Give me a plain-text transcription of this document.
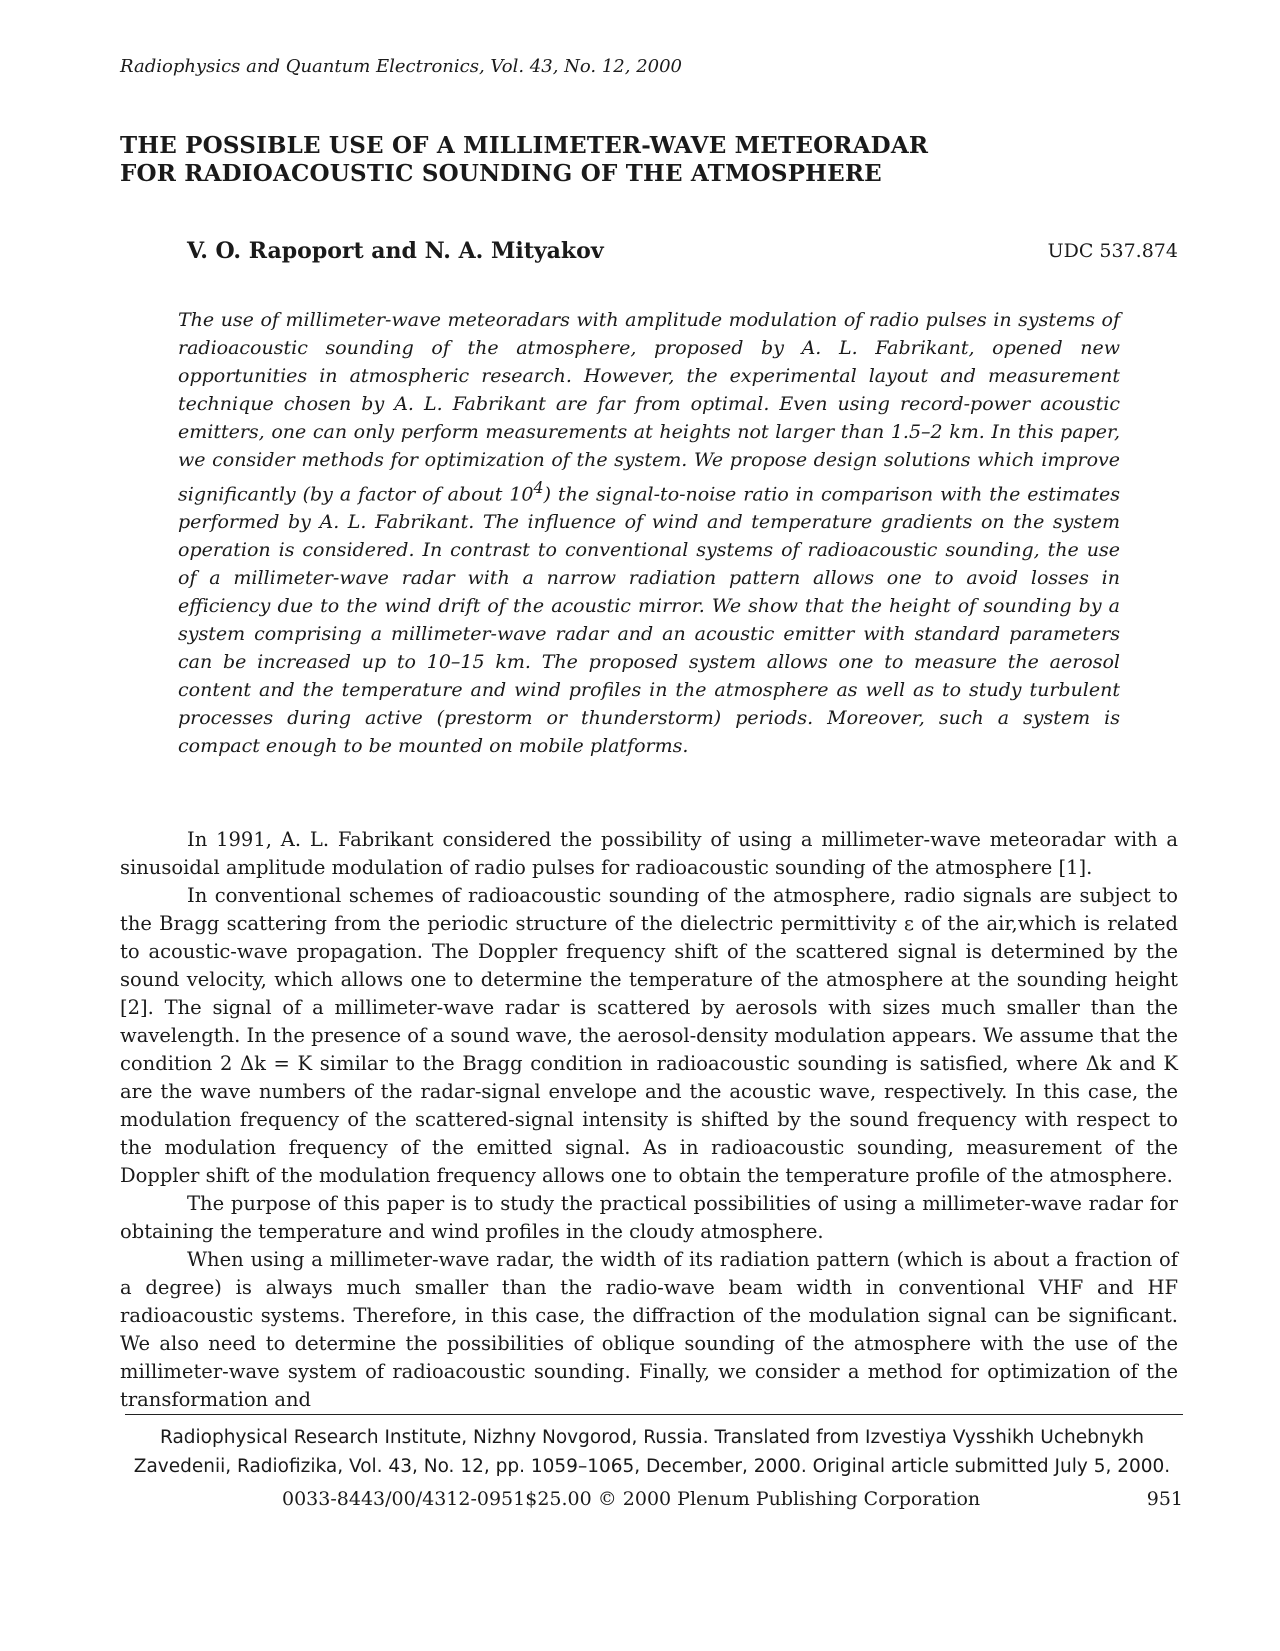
Radiophysics and Quantum Electronics, Vol. 43, No. 12, 2000
THE POSSIBLE USE OF A MILLIMETER-WAVE METEORADAR
FOR RADIOACOUSTIC SOUNDING OF THE ATMOSPHERE
V. O. Rapoport and N. A. Mityakov	UDC 537.874
The use of millimeter-wave meteoradars with amplitude modulation of radio pulses in systems of radioacoustic sounding of the atmosphere, proposed by A. L. Fabrikant, opened new opportunities in atmospheric research. However, the experimental layout and measurement technique chosen by A. L. Fabrikant are far from optimal. Even using record-power acoustic emitters, one can only perform measurements at heights not larger than 1.5–2 km. In this paper, we consider methods for optimization of the system. We propose design solutions which improve significantly (by a factor of about $10^4$) the signal-to-noise ratio in comparison with the estimates performed by A. L. Fabrikant. The influence of wind and temperature gradients on the system operation is considered. In contrast to conventional systems of radioacoustic sounding, the use of a millimeter-wave radar with a narrow radiation pattern allows one to avoid losses in efficiency due to the wind drift of the acoustic mirror. We show that the height of sounding by a system comprising a millimeter-wave radar and an acoustic emitter with standard parameters can be increased up to 10–15 km. The proposed system allows one to measure the aerosol content and the temperature and wind profiles in the atmosphere as well as to study turbulent processes during active (prestorm or thunderstorm) periods. Moreover, such a system is compact enough to be mounted on mobile platforms.

In 1991, A. L. Fabrikant considered the possibility of using a millimeter-wave meteoradar with a sinusoidal amplitude modulation of radio pulses for radioacoustic sounding of the atmosphere [1].

In conventional schemes of radioacoustic sounding of the atmosphere, radio signals are subject to the Bragg scattering from the periodic structure of the dielectric permittivity ε of the air,which is related to acoustic-wave propagation. The Doppler frequency shift of the scattered signal is determined by the sound velocity, which allows one to determine the temperature of the atmosphere at the sounding height [2]. The signal of a millimeter-wave radar is scattered by aerosols with sizes much smaller than the wavelength. In the presence of a sound wave, the aerosol-density modulation appears. We assume that the condition 2 Δk = K similar to the Bragg condition in radioacoustic sounding is satisfied, where Δk and K are the wave numbers of the radar-signal envelope and the acoustic wave, respectively. In this case, the modulation frequency of the scattered-signal intensity is shifted by the sound frequency with respect to the modulation frequency of the emitted signal. As in radioacoustic sounding, measurement of the Doppler shift of the modulation frequency allows one to obtain the temperature profile of the atmosphere.

The purpose of this paper is to study the practical possibilities of using a millimeter-wave radar for obtaining the temperature and wind profiles in the cloudy atmosphere.

When using a millimeter-wave radar, the width of its radiation pattern (which is about a fraction of a degree) is always much smaller than the radio-wave beam width in conventional VHF and HF radioacoustic systems. Therefore, in this case, the diffraction of the modulation signal can be significant. We also need to determine the possibilities of oblique sounding of the atmosphere with the use of the millimeter-wave system of radioacoustic sounding. Finally, we consider a method for optimization of the transformation and

Radiophysical Research Institute, Nizhny Novgorod, Russia. Translated from Izvestiya Vysshikh Uchebnykh
Zavedenii, Radiofizika, Vol. 43, No. 12, pp. 1059–1065, December, 2000. Original article submitted July 5, 2000.
0033-8443/00/4312-0951$25.00 © 2000 Plenum Publishing Corporation	951
